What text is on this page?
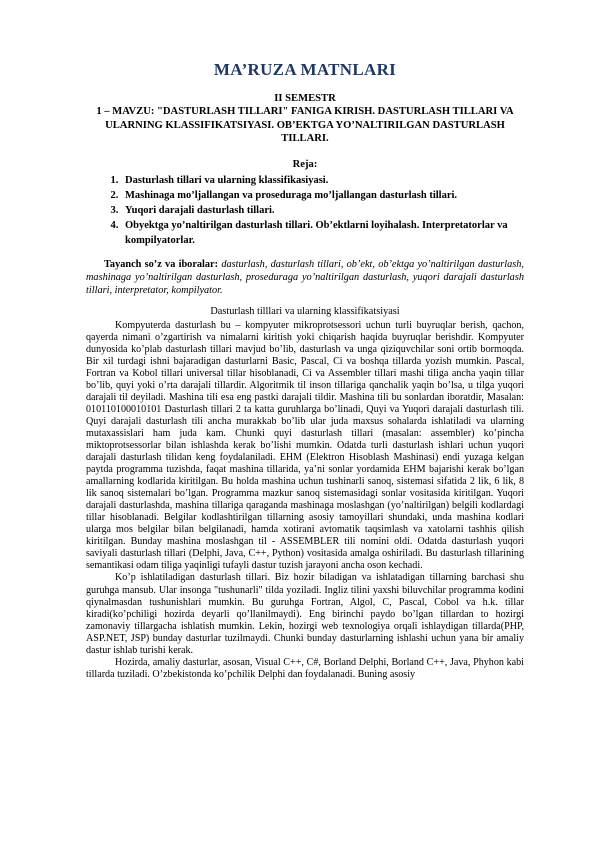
MA’RUZA MATNLARI

II SEMESTR

1 – MAVZU: "DASTURLASH TILLARI" FANIGA KIRISH. DASTURLASH TILLARI VA ULARNING KLASSIFIKATSIYASI. OB’EKTGA YO’NALTIRILGAN DASTURLASH TILLARI.

Reja:

1. Dasturlash tillari va ularning klassifikasiyasi.
2. Mashinaga mo’ljallangan va proseduraga mo’ljallangan dasturlash tillari.
3. Yuqori darajali dasturlash tillari.
4. Obyektga yo’naltirilgan dasturlash tillari. Ob’ektlarni loyihalash. Interpretatorlar va kompilyatorlar.

Tayanch so’z va iboralar: dasturlash, dasturlash tillari, ob’ekt, ob’ektga yo’naltirilgan dasturlash, mashinaga yo’naltirilgan dasturlash, proseduraga yo’naltirilgan dasturlash, yuqori darajali dasturlash tillari, interpretator, kompilyator.

Dasturlash tilllari va ularning klassifikatsiyasi

Kompyuterda dasturlash bu – kompyuter mikroprotsessori uchun turli buyruqlar berish, qachon, qayerda nimani o’zgartirish va nimalarni kiritish yoki chiqarish haqida buyruqlar berishdir. Kompyuter dunyosida ko’plab dasturlash tillari mavjud bo’lib, dasturlash va unga qiziquvchilar soni ortib bormoqda. Bir xil turdagi ishni bajaradigan dasturlarni Basic, Pascal, Ci va boshqa tillarda yozish mumkin. Pascal, Fortran va Kobol tillari universal tillar hisoblanadi, Ci va Assembler tillari mashi tiliga ancha yaqin tillar bo’lib, quyi yoki o’rta darajali tillardir. Algoritmik til inson tillariga qanchalik yaqin bo’lsa, u tilga yuqori darajali til deyiladi. Mashina tili esa eng pastki darajali tildir. Mashina tili bu sonlardan iboratdir, Masalan: 010110100010101 Dasturlash tillari 2 ta katta guruhlarga bo’linadi, Quyi va Yuqori darajali dasturlash tili. Quyi darajali dasturlash tili ancha murakkab bo’lib ular juda maxsus sohalarda ishlatiladi va ularning mutaxassislari ham juda kam. Chunki quyi dasturlash tillari (masalan: assembler) ko’pincha miktoprotsessorlar bilan ishlashda kerak bo’lishi mumkin. Odatda turli dasturlash ishlari uchun yuqori darajali dasturlash tilidan keng foydalaniladi. EHM (Elektron Hisoblash Mashinasi) endi yuzaga kelgan paytda programma tuzishda, faqat mashina tillarida, ya’ni sonlar yordamida EHM bajarishi kerak bo’lgan amallarning kodlarida kiritilgan. Bu holda mashina uchun tushinarli sanoq, sistemasi sifatida 2 lik, 6 lik, 8 lik sanoq sistemalari bo’lgan. Programma mazkur sanoq sistemasidagi sonlar vositasida kiritilgan. Yuqori darajali dasturlashda, mashina tillariga qaraganda mashinaga moslashgan (yo’naltirilgan) belgili kodlardagi tillar hisoblanadi. Belgilar kodlashtirilgan tillarning asosiy tamoyillari shundaki, unda mashina kodlari ularga mos belgilar bilan belgilanadi, hamda xotirani avtomatik taqsimlash va xatolarni tashhis qilish kiritilgan. Bunday mashina moslashgan til - ASSEMBLER tili nomini oldi. Odatda dasturlash yuqori saviyali dasturlash tillari (Delphi, Java, C++, Python) vositasida amalga oshiriladi. Bu dasturlash tillarining semantikasi odam tiliga yaqinligi tufayli dastur tuzish jarayoni ancha oson kechadi.

Ko’p ishlatiladigan dasturlash tillari. Biz hozir biladigan va ishlatadigan tillarning barchasi shu guruhga mansub. Ular insonga "tushunarli" tilda yoziladi. Ingliz tilini yaxshi biluvchilar programma kodini qiynalmasdan tushunishlari mumkin. Bu guruhga Fortran, Algol, C, Pascal, Cobol va h.k. tillar kiradi(ko’pchiligi hozirda deyarli qo’llanilmaydi). Eng birinchi paydo bo’lgan tillardan to hozirgi zamonaviy tillargacha ishlatish mumkin. Lekin, hozirgi web texnologiya orqali ishlaydigan tillarda(PHP, ASP.NET, JSP) bunday dasturlar tuzilmaydi. Chunki bunday dasturlarning ishlashi uchun yana bir amaliy dastur ishlab turishi kerak.

Hozirda, amaliy dasturlar, asosan, Visual C++, C#, Borland Delphi, Borland C++, Java, Phyhon kabi tillarda tuziladi. O’zbekistonda ko’pchilik Delphi dan foydalanadi. Buning asosiy
